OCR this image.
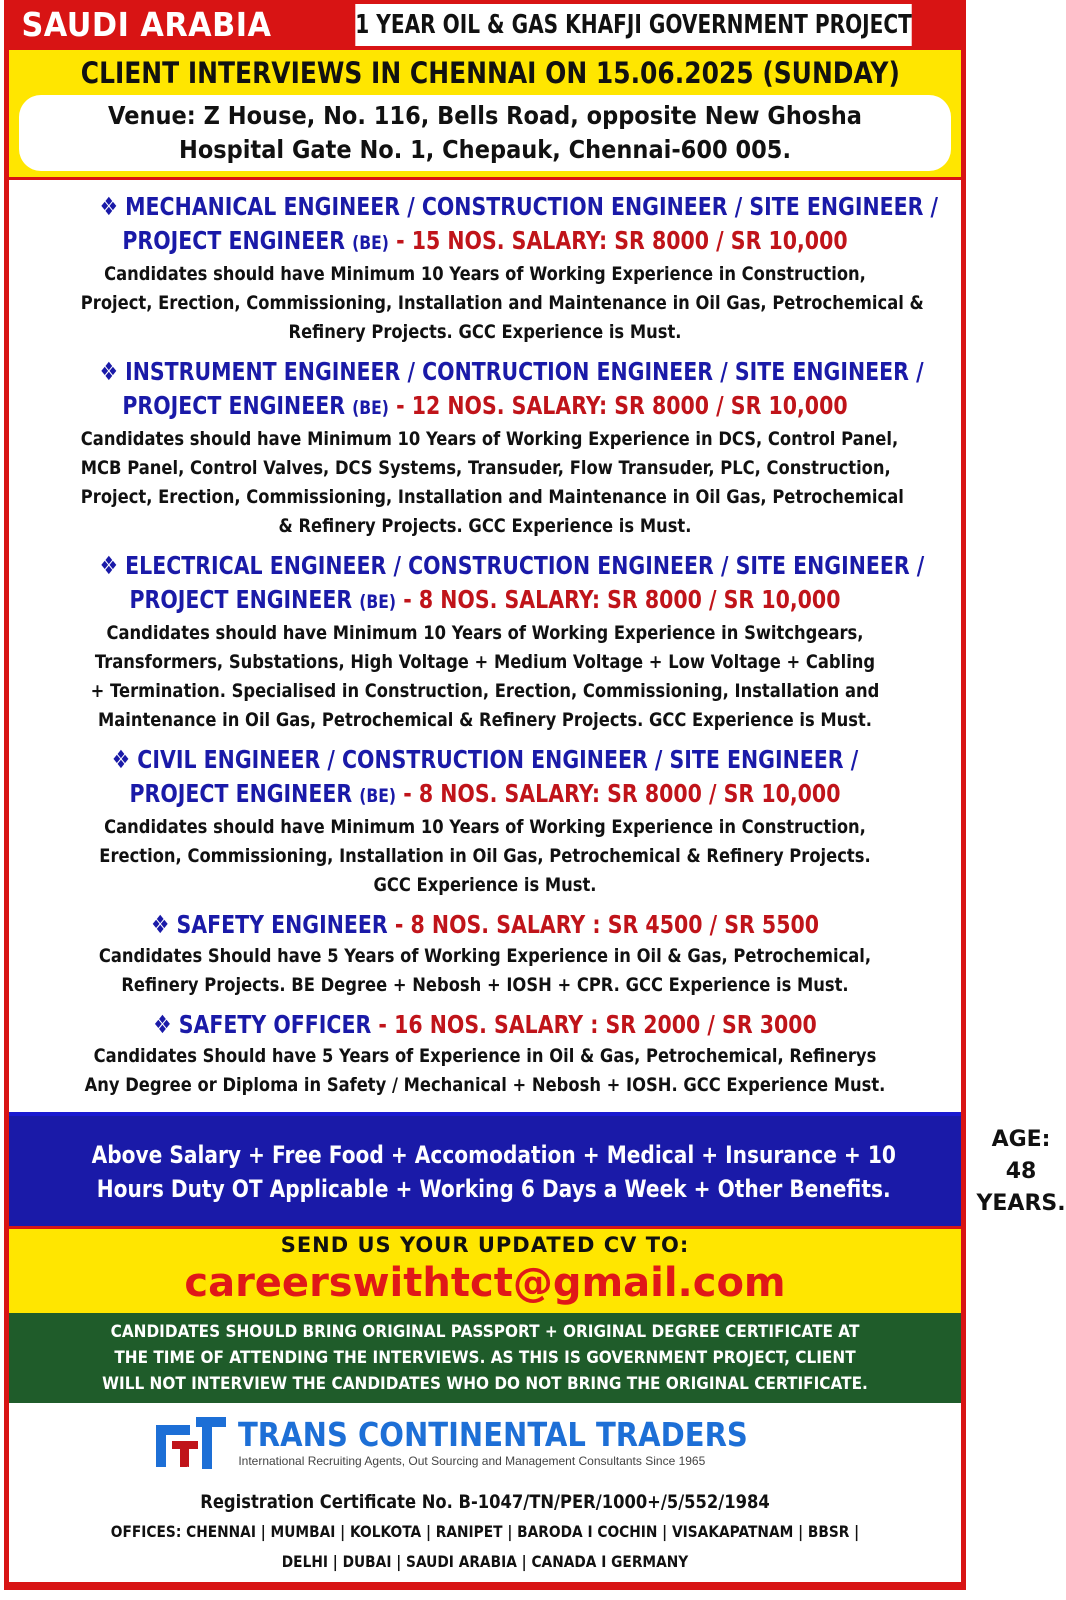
SAUDI ARABIA	1 YEAR OIL & GAS KHAFJI GOVERNMENT PROJECT
CLIENT INTERVIEWS IN CHENNAI ON 15.06.2025 (SUNDAY)
Venue: Z House, No. 116, Bells Road, opposite New Ghosha
Hospital Gate No. 1, Chepauk, Chennai-600 005.
❖ MECHANICAL ENGINEER / CONSTRUCTION ENGINEER / SITE ENGINEER /
PROJECT ENGINEER (BE) - 15 NOS. SALARY: SR 8000 / SR 10,000
Candidates should have Minimum 10 Years of Working Experience in Construction,
Project, Erection, Commissioning, Installation and Maintenance in Oil Gas, Petrochemical &
Refinery Projects. GCC Experience is Must.
❖ INSTRUMENT ENGINEER / CONTRUCTION ENGINEER / SITE ENGINEER /
PROJECT ENGINEER (BE) - 12 NOS. SALARY: SR 8000 / SR 10,000
Candidates should have Minimum 10 Years of Working Experience in DCS, Control Panel,
MCB Panel, Control Valves, DCS Systems, Transuder, Flow Transuder, PLC, Construction,
Project, Erection, Commissioning, Installation and Maintenance in Oil Gas, Petrochemical
& Refinery Projects. GCC Experience is Must.
❖ ELECTRICAL ENGINEER / CONSTRUCTION ENGINEER / SITE ENGINEER /
PROJECT ENGINEER (BE) - 8 NOS. SALARY: SR 8000 / SR 10,000
Candidates should have Minimum 10 Years of Working Experience in Switchgears,
Transformers, Substations, High Voltage + Medium Voltage + Low Voltage + Cabling
+ Termination. Specialised in Construction, Erection, Commissioning, Installation and
Maintenance in Oil Gas, Petrochemical & Refinery Projects. GCC Experience is Must.
❖ CIVIL ENGINEER / CONSTRUCTION ENGINEER / SITE ENGINEER /
PROJECT ENGINEER (BE) - 8 NOS. SALARY: SR 8000 / SR 10,000
Candidates should have Minimum 10 Years of Working Experience in Construction,
Erection, Commissioning, Installation in Oil Gas, Petrochemical & Refinery Projects.
GCC Experience is Must.
❖ SAFETY ENGINEER - 8 NOS. SALARY : SR 4500 / SR 5500
Candidates Should have 5 Years of Working Experience in Oil & Gas, Petrochemical,
Refinery Projects. BE Degree + Nebosh + IOSH + CPR. GCC Experience is Must.
❖ SAFETY OFFICER - 16 NOS. SALARY : SR 2000 / SR 3000
Candidates Should have 5 Years of Experience in Oil & Gas, Petrochemical, Refinerys
Any Degree or Diploma in Safety / Mechanical + Nebosh + IOSH. GCC Experience Must.
Above Salary + Free Food + Accomodation + Medical + Insurance + 10
Hours Duty OT Applicable + Working 6 Days a Week + Other Benefits.
AGE:
48 YEARS.
SEND US YOUR UPDATED CV TO:
careerswithtct@gmail.com
CANDIDATES SHOULD BRING ORIGINAL PASSPORT + ORIGINAL DEGREE CERTIFICATE AT
THE TIME OF ATTENDING THE INTERVIEWS. AS THIS IS GOVERNMENT PROJECT, CLIENT
WILL NOT INTERVIEW THE CANDIDATES WHO DO NOT BRING THE ORIGINAL CERTIFICATE.
tct
TRANS CONTINENTAL TRADERS
International Recruiting Agents, Out Sourcing and Management Consultants Since 1965
Registration Certificate No. B-1047/TN/PER/1000+/5/552/1984
OFFICES: CHENNAI | MUMBAI | KOLKOTA | RANIPET | BARODA I COCHIN | VISAKAPATNAM | BBSR |
DELHI | DUBAI | SAUDI ARABIA | CANADA I GERMANY
